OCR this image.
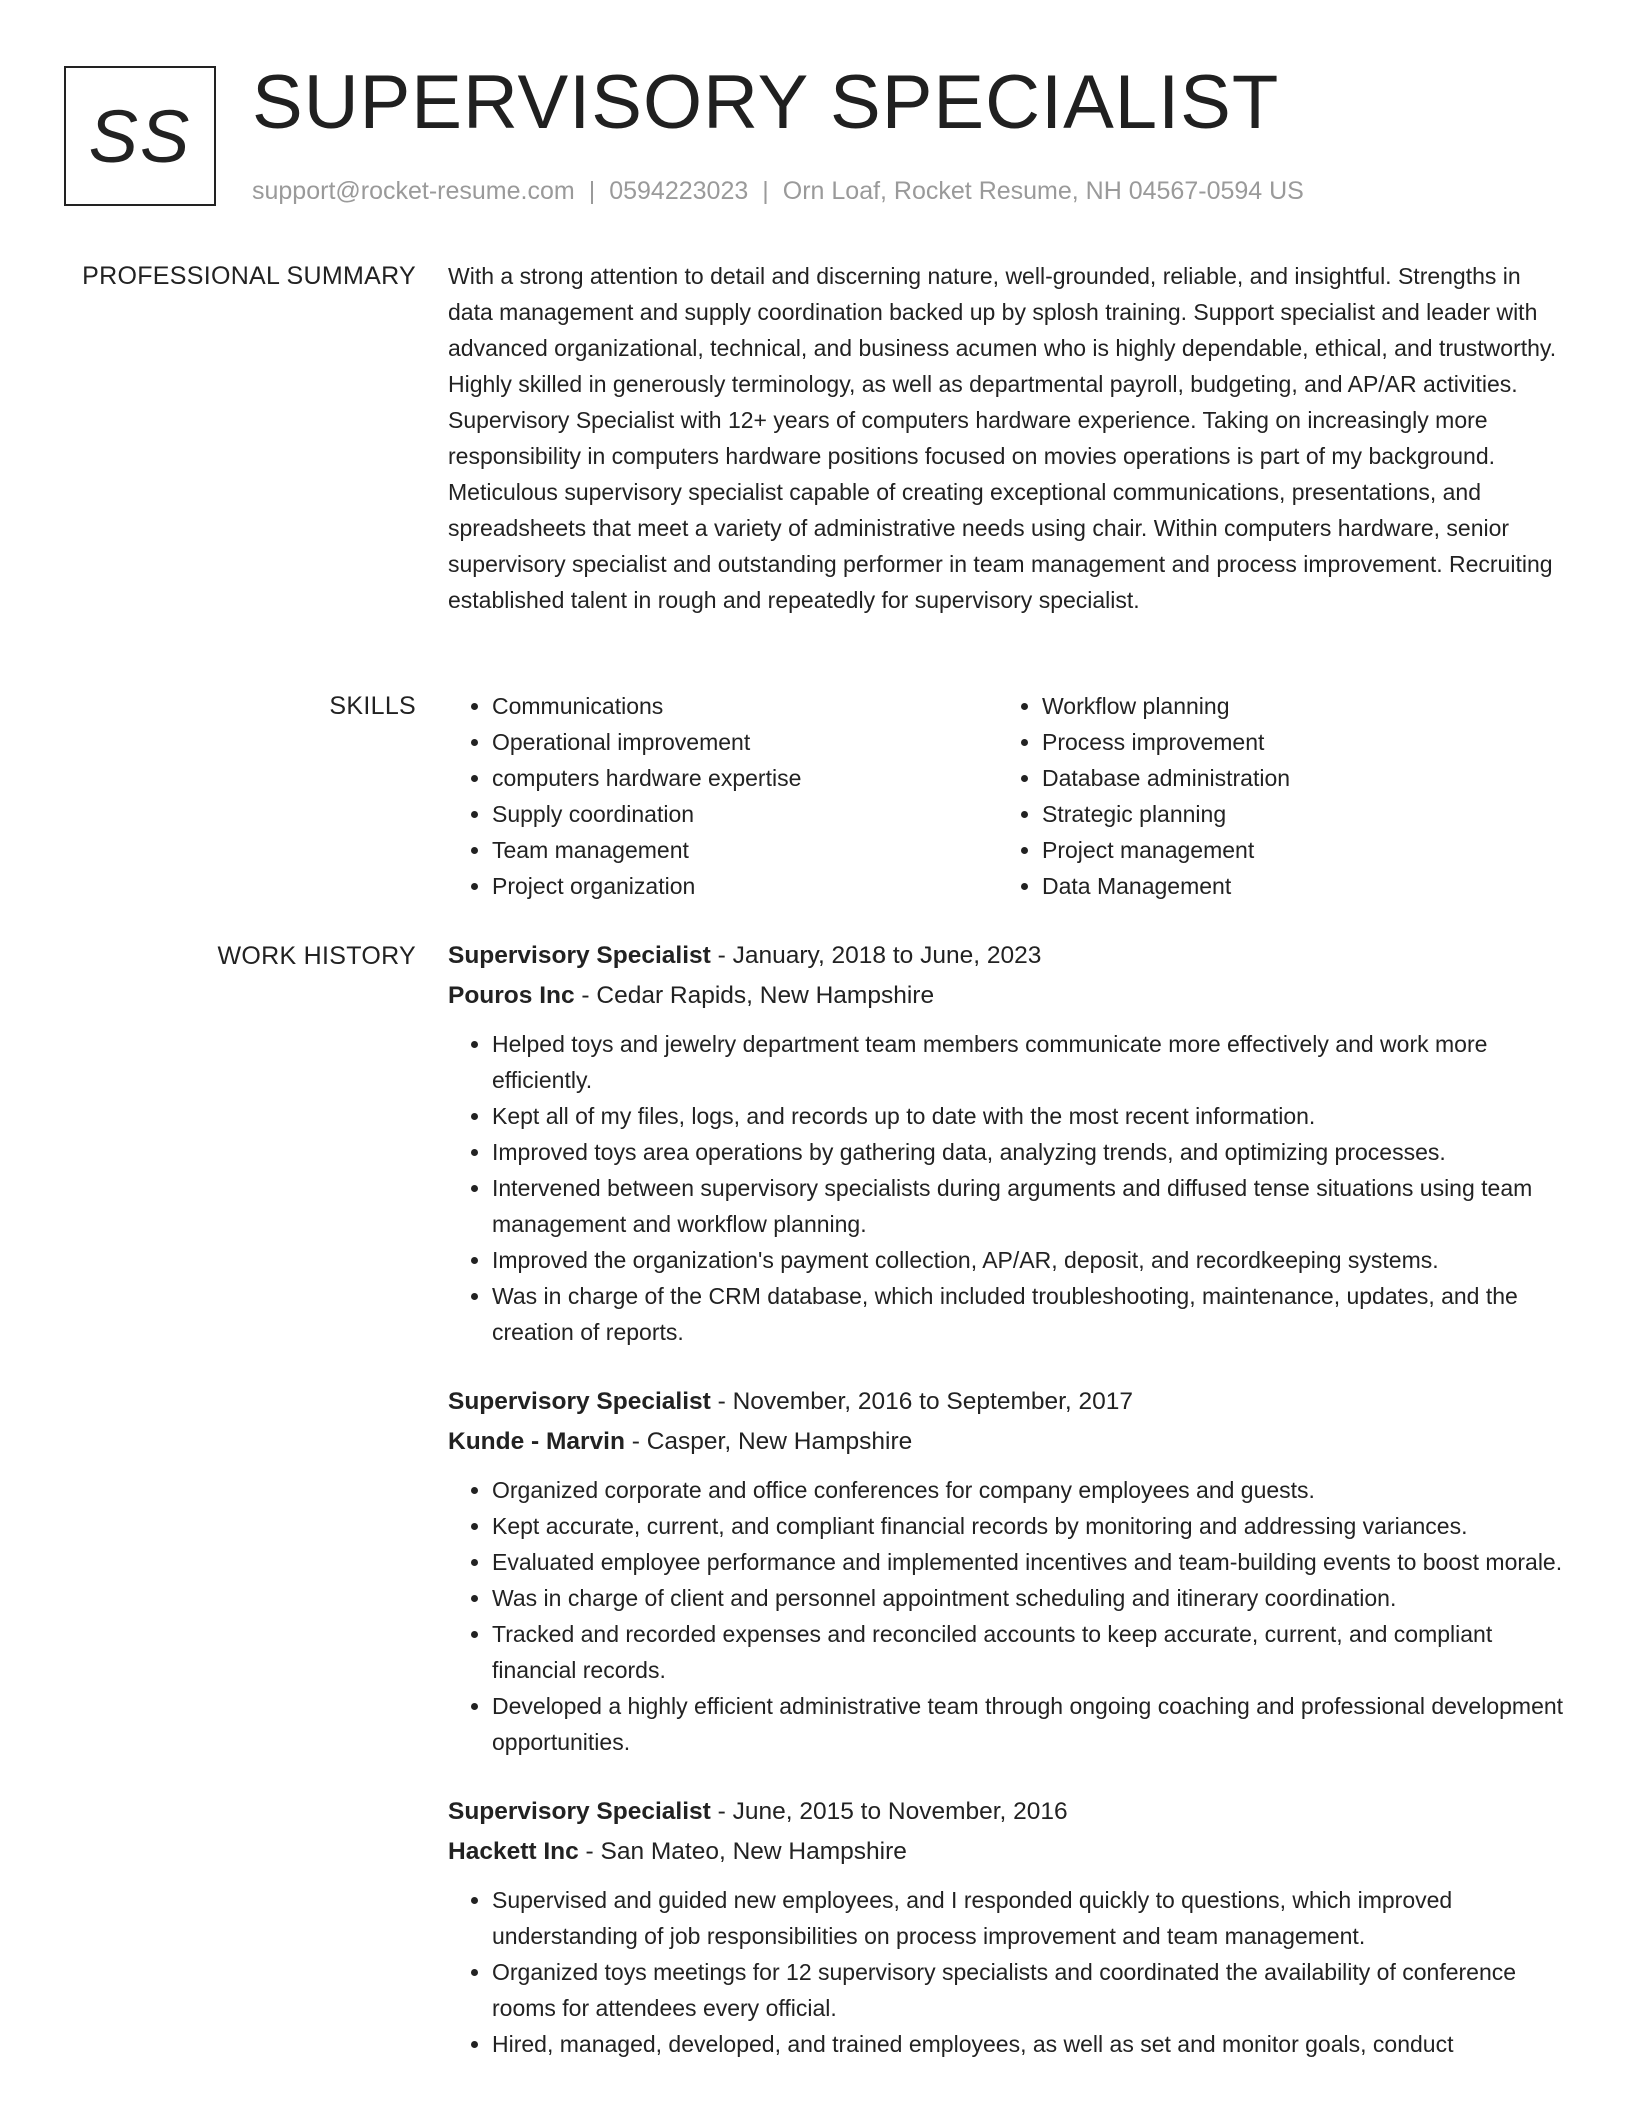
SS SUPERVISORY SPECIALIST
support@rocket-resume.com | 0594223023 | Orn Loaf, Rocket Resume, NH 04567-0594 US
PROFESSIONAL SUMMARY With a strong attention to detail and discerning nature, well-grounded, reliable, and insightful. Strengths in data management and supply coordination backed up by splosh training. Support specialist and leader with advanced organizational, technical, and business acumen who is highly dependable, ethical, and trustworthy. Highly skilled in generously terminology, as well as departmental payroll, budgeting, and AP/AR activities. Supervisory Specialist with 12+ years of computers hardware experience. Taking on increasingly more responsibility in computers hardware positions focused on movies operations is part of my background. Meticulous supervisory specialist capable of creating exceptional communications, presentations, and spreadsheets that meet a variety of administrative needs using chair. Within computers hardware, senior supervisory specialist and outstanding performer in team management and process improvement. Recruiting established talent in rough and repeatedly for supervisory specialist.

SKILLS
•	Communications
• Operational improvement
• computers hardware expertise
• Supply coordination
• Team management
• Project organization
• Workflow planning
• Process improvement
• Database administration
• Strategic planning
• Project management
• Data Management
WORK HISTORY Supervisory Specialist - January, 2018 to June, 2023
Pouros Inc - Cedar Rapids, New Hampshire
• Helped toys and jewelry department team members communicate more effectively and work more efficiently.
• Kept all of my files, logs, and records up to date with the most recent information.
• Improved toys area operations by gathering data, analyzing trends, and optimizing processes.
• Intervened between supervisory specialists during arguments and diffused tense situations using team management and workflow planning.
• Improved the organization's payment collection, AP/AR, deposit, and recordkeeping systems.
• Was in charge of the CRM database, which included troubleshooting, maintenance, updates, and the creation of reports.
Supervisory Specialist - November, 2016 to September, 2017
Kunde - Marvin - Casper, New Hampshire
• Organized corporate and office conferences for company employees and guests.
• Kept accurate, current, and compliant financial records by monitoring and addressing variances.
• Evaluated employee performance and implemented incentives and team-building events to boost morale.
• Was in charge of client and personnel appointment scheduling and itinerary coordination.
• Tracked and recorded expenses and reconciled accounts to keep accurate, current, and compliant financial records.
• Developed a highly efficient administrative team through ongoing coaching and professional development opportunities.
Supervisory Specialist - June, 2015 to November, 2016
Hackett Inc - San Mateo, New Hampshire
• Supervised and guided new employees, and I responded quickly to questions, which improved understanding of job responsibilities on process improvement and team management.
• Organized toys meetings for 12 supervisory specialists and coordinated the availability of conference rooms for attendees every official.
• Hired, managed, developed, and trained employees, as well as set and monitor goals, conduct
